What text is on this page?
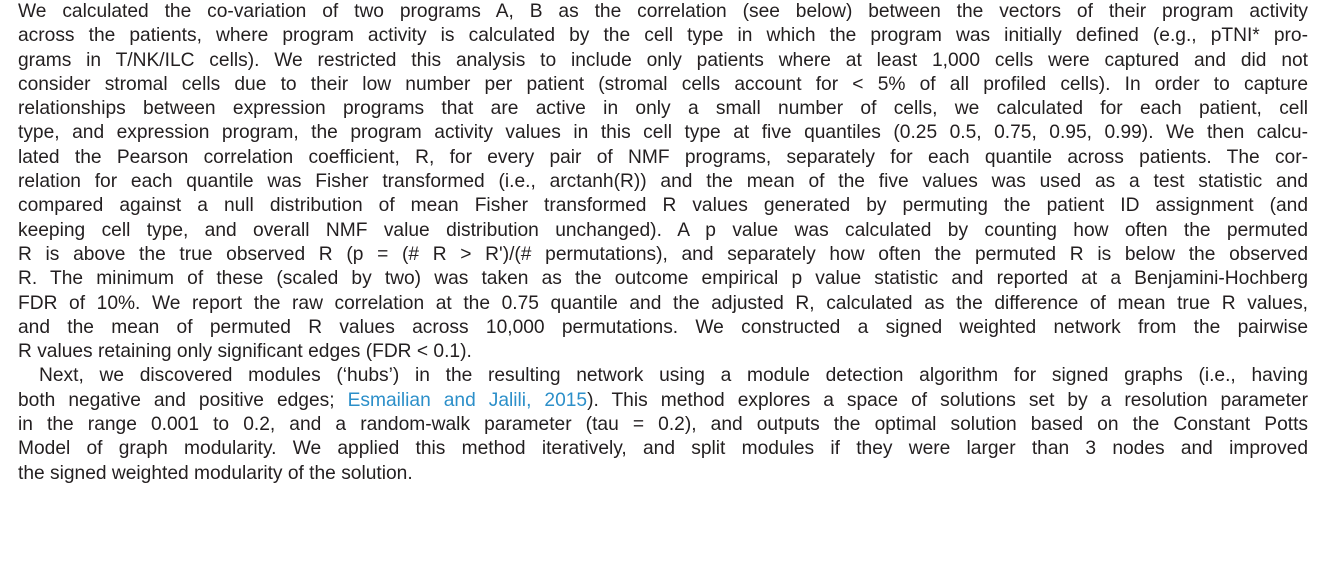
We calculated the co-variation of two programs A, B as the correlation (see below) between the vectors of their program activity
across the patients, where program activity is calculated by the cell type in which the program was initially defined (e.g., pTNI* pro-
grams in T/NK/ILC cells). We restricted this analysis to include only patients where at least 1,000 cells were captured and did not
consider stromal cells due to their low number per patient (stromal cells account for < 5% of all profiled cells). In order to capture
relationships between expression programs that are active in only a small number of cells, we calculated for each patient, cell
type, and expression program, the program activity values in this cell type at five quantiles (0.25 0.5, 0.75, 0.95, 0.99). We then calcu-
lated the Pearson correlation coefficient, R, for every pair of NMF programs, separately for each quantile across patients. The cor-
relation for each quantile was Fisher transformed (i.e., arctanh(R)) and the mean of the five values was used as a test statistic and
compared against a null distribution of mean Fisher transformed R values generated by permuting the patient ID assignment (and
keeping cell type, and overall NMF value distribution unchanged). A p value was calculated by counting how often the permuted
R is above the true observed R (p = (# R > R')/(# permutations), and separately how often the permuted R is below the observed
R. The minimum of these (scaled by two) was taken as the outcome empirical p value statistic and reported at a Benjamini-Hochberg
FDR of 10%. We report the raw correlation at the 0.75 quantile and the adjusted R, calculated as the difference of mean true R values,
and the mean of permuted R values across 10,000 permutations. We constructed a signed weighted network from the pairwise
R values retaining only significant edges (FDR < 0.1).
Next, we discovered modules (‘hubs’) in the resulting network using a module detection algorithm for signed graphs (i.e., having
both negative and positive edges; Esmailian and Jalili, 2015). This method explores a space of solutions set by a resolution parameter
in the range 0.001 to 0.2, and a random-walk parameter (tau = 0.2), and outputs the optimal solution based on the Constant Potts
Model of graph modularity. We applied this method iteratively, and split modules if they were larger than 3 nodes and improved
the signed weighted modularity of the solution.
